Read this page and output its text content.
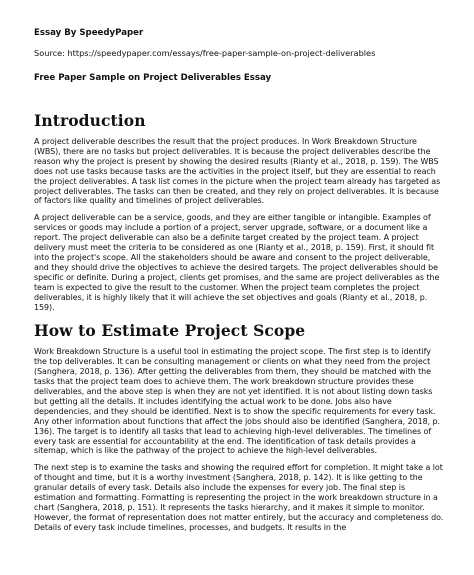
Essay By SpeedyPaper

Source: https://speedypaper.com/essays/free-paper-sample-on-project-deliverables

Free Paper Sample on Project Deliverables Essay

Introduction

A project deliverable describes the result that the project produces. In Work Breakdown Structure (WBS), there are no tasks but project deliverables. It is because the project deliverables describe the reason why the project is present by showing the desired results (Rianty et al., 2018, p. 159). The WBS does not use tasks because tasks are the activities in the project itself, but they are essential to reach the project deliverables. A task list comes in the picture when the project team already has targeted as project deliverables. The tasks can then be created, and they rely on project deliverables. It is because of factors like quality and timelines of project deliverables.

A project deliverable can be a service, goods, and they are either tangible or intangible. Examples of services or goods may include a portion of a project, server upgrade, software, or a document like a report. The project deliverable can also be a definite target created by the project team. A project delivery must meet the criteria to be considered as one (Rianty et al., 2018, p. 159). First, it should fit into the project's scope. All the stakeholders should be aware and consent to the project deliverable, and they should drive the objectives to achieve the desired targets. The project deliverables should be specific or definite. During a project, clients get promises, and the same are project deliverables as the team is expected to give the result to the customer. When the project team completes the project deliverables, it is highly likely that it will achieve the set objectives and goals (Rianty et al., 2018, p. 159).

How to Estimate Project Scope

Work Breakdown Structure is a useful tool in estimating the project scope. The first step is to identify the top deliverables. It can be consulting management or clients on what they need from the project (Sanghera, 2018, p. 136). After getting the deliverables from them, they should be matched with the tasks that the project team does to achieve them. The work breakdown structure provides these deliverables, and the above step is when they are not yet identified. It is not about listing down tasks but getting all the details. It includes identifying the actual work to be done. Jobs also have dependencies, and they should be identified. Next is to show the specific requirements for every task. Any other information about functions that affect the jobs should also be identified (Sanghera, 2018, p. 136). The target is to identify all tasks that lead to achieving high-level deliverables. The timelines of every task are essential for accountability at the end. The identification of task details provides a sitemap, which is like the pathway of the project to achieve the high-level deliverables.

The next step is to examine the tasks and showing the required effort for completion. It might take a lot of thought and time, but it is a worthy investment (Sanghera, 2018, p. 142). It is like getting to the granular details of every task. Details also include the expenses for every job. The final step is estimation and formatting. Formatting is representing the project in the work breakdown structure in a chart (Sanghera, 2018, p. 151). It represents the tasks hierarchy, and it makes it simple to monitor. However, the format of representation does not matter entirely, but the accuracy and completeness do. Details of every task include timelines, processes, and budgets. It results in the
